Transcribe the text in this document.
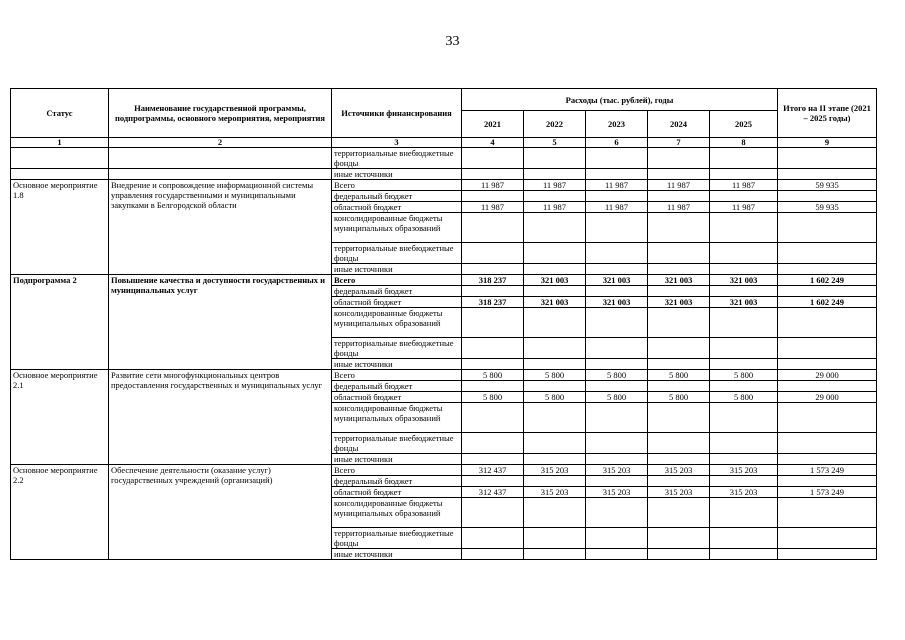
33
Статус	Наименование государственной программы, подпрограммы, основного мероприятия, мероприятия	Источники финансирования	Расходы (тыс. рублей), годы					Итого на II этапе (2021 – 2025 годы)
			2021	2022	2023	2024	2025	
1	2	3	4	5	6	7	8	9
		территориальные внебюджетные фонды						
		иные источники						
Основное мероприятие 1.8	Внедрение и сопровождение информационной системы управления государственными и муниципальными закупками в Белгородской области	Всего	11 987	11 987	11 987	11 987	11 987	59 935
		федеральный бюджет						
		областной бюджет	11 987	11 987	11 987	11 987	11 987	59 935
		консолидированные бюджеты муниципальных образований						
		территориальные внебюджетные фонды						
		иные источники						
Подпрограмма 2	Повышение качества и доступности государственных и муниципальных услуг	Всего	318 237	321 003	321 003	321 003	321 003	1 602 249
		федеральный бюджет						
		областной бюджет	318 237	321 003	321 003	321 003	321 003	1 602 249
		консолидированные бюджеты муниципальных образований						
		территориальные внебюджетные фонды						
		иные источники						
Основное мероприятие 2.1	Развитие сети многофункциональных центров предоставления государственных и муниципальных услуг	Всего	5 800	5 800	5 800	5 800	5 800	29 000
		федеральный бюджет						
		областной бюджет	5 800	5 800	5 800	5 800	5 800	29 000
		консолидированные бюджеты муниципальных образований						
		территориальные внебюджетные фонды						
		иные источники						
Основное мероприятие 2.2	Обеспечение деятельности (оказание услуг) государственных учреждений (организаций)	Всего	312 437	315 203	315 203	315 203	315 203	1 573 249
		федеральный бюджет						
		областной бюджет	312 437	315 203	315 203	315 203	315 203	1 573 249
		консолидированные бюджеты муниципальных образований						
		территориальные внебюджетные фонды						
		иные источники						
